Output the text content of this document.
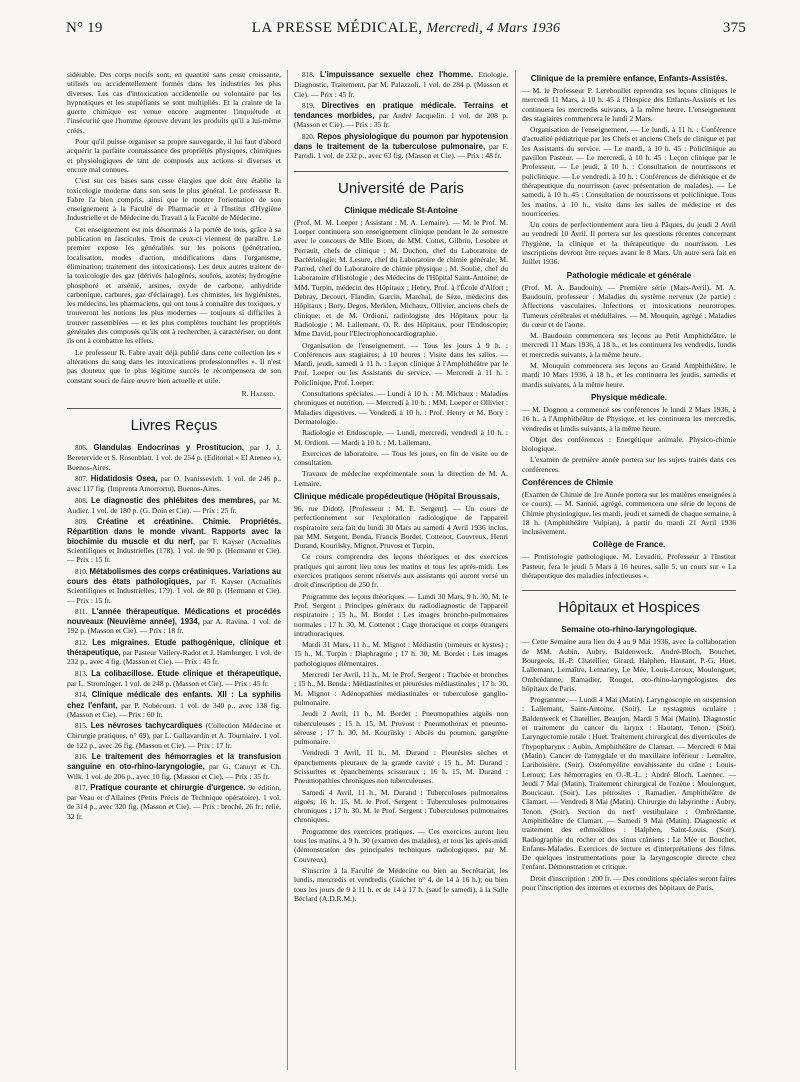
N° 19	LA PRESSE MÉDICALE, Mercredi, 4 Mars 1936	375

sidérable. Des corps nocifs sont, en quantité sans cesse croissante, utilisés ou accidentellement formés dans les industries les plus diverses. Les cas d'intoxication accidentelle ou volontaire par les hypnotiques et les stupéfiants se sont multipliés. Et la crainte de la guerre chimique est venue encore augmenter l'inquiétude et l'insécurité que l'homme éprouve devant les produits qu'il a lui-même créés.

Pour qu'il puisse organiser sa propre sauvegarde, il lui faut d'abord acquérir la parfaite connaissance des propriétés physiques, chimiques et physiologiques de tant de composés aux actions si diverses et encore mal connues.

C'est sur ces bases sans cesse élargies que doit être établie la toxicologie moderne dans son sens le plus général. Le professeur R. Fabre l'a bien compris, ainsi que le montre l'orientation de son enseignement à la Faculté de Pharmacie et à l'Institut d'Hygiène Industrielle et de Médecine du Travail à la Faculté de Médecine.

Cet enseignement est mis désormais à la portée de tous, grâce à sa publication en fascicules. Trois de ceux-ci viennent de paraître. Le premier expose les généralités sur les poisons (pénétration, localisation, modes d'action, modifications dans l'organisme, élimination; traitement des intoxications). Les deux autres traitent de la toxicologie des gaz (dérivés halogénés, soufrés, azotés; hydrogène phosphoré et arsénié, arsines, oxyde de carbone, anhydride carbonique, carbures, gaz d'éclairage). Les chimistes, les hygiénistes, les médecins, les pharmaciens, qui ont tous à connaître des toxiques, y trouveront les notions les plus modernes — toujours si difficiles à trouver rassemblées — et les plus complètes touchant les propriétés générales des composés qu'ils ont à rechercher, à caractériser, ou dont ils ont à combattre les effets.

Le professeur R. Fabre avait déjà publié dans cette collection les « altérations du sang dans les intoxications professionnelles ». Il n'est pas douteux que le plus légitime succès le récompensera de son constant souci de faire œuvre bien actuelle et utile.

R. Hazard.

Livres Reçus

806. Glandulas Endocrinas y Prostitucion, par J. J. Beretervide et S. Rosenblatt. 1 vol. de 254 p. (Editorial « El Ateneo »), Buenos-Aires.

807. Hidatidosis Osea, par O. Ivanissevich. 1 vol. de 246 p., avec 117 fig. (Imprenta Amorrortu), Buenos-Aires.

808. Le diagnostic des phlébites des membres, par M. Audier. 1 vol. de 180 p. (G. Doin et Cie). — Prix : 25 fr.

809. Créatine et créatinine. Chimie. Propriétés. Répartition dans le monde vivant. Rapports avec la biochimie du muscle et du nerf, par F. Kayser (Actualités Scientifiques et Industrielles (178). 1 vol. de 90 p. (Hermann et Cie). — Prix : 15 fr.

810. Métabolismes des corps créatiniques. Variations au cours des états pathologiques, par F. Kayser (Actualités Scientifiques et Industrielles, 179). 1 vol. de 80 p. (Hermann et Cie). — Prix : 15 fr.

811. L'année thérapeutique. Médications et procédés nouveaux (Neuvième année), 1934, par A. Ravina. 1 vol. de 192 p. (Masson et Cie). — Prix : 18 fr.

812. Les migraines. Etude pathogénique, clinique et thérapeutique, par Pasteur Vallery-Radot et J. Hamburger. 1 vol. de 232 p., avec 4 fig. (Masson et Cie). — Prix : 45 fr.

813. La colibacillose. Etude clinique et thérapeutique, par L. Strominger. 1 vol. de 248 p. (Masson et Cie). — Prix : 45 fr.

814. Clinique médicale des enfants. XII : La syphilis chez l'enfant, par P. Nobécourt. 1 vol. de 340 p., avec 138 fig. (Masson et Cie). — Prix : 60 fr.

815. Les névroses tachycardiques (Collection Médecine et Chirurgie pratiques, n° 69), par L. Gallavardin et A. Tourniaire. 1 vol. de 122 p., avec 26 fig. (Masson et Cie). — Prix : 17 fr.

816. Le traitement des hémorragies et la transfusion sanguine en oto-rhino-laryngologie, par G. Canuyt et Ch. Wilk. 1 vol. de 206 p., avec 10 fig. (Masson et Cie). — Prix : 35 fr.

817. Pratique courante et chirurgie d'urgence. 9e édition, par Veau et d'Allaines (Petits Précis de Technique opératoire). 1 vol. de 314 p., avec 320 fig. (Masson et Cie). — Prix : broché, 26 fr.; relié, 32 fr.

818. L'impuissance sexuelle chez l'homme. Etiologie, Diagnostic, Traitement, par M. Palazzoli. 1 vol. de 284 p. (Masson et Cie). — Prix : 45 fr.

819. Directives en pratique médicale. Terrains et tendances morbides, par André Jacquelin. 1 vol. de 208 p. (Masson et Cie). — Prix : 35 fr.

820. Repos physiologique du poumon par hypotension dans le traitement de la tuberculose pulmonaire, par F. Parodi. 1 vol. de 232 p., avec 63 fig. (Masson et Cie). — Prix : 48 fr.

Université de Paris
Clinique médicale St-Antoine

(Prof. M. M. Loeper ; Assistant : M. A. Lemaire). — M. le Prof. M. Loeper continuera son enseignement clinique pendant le 2e semestre avec le concours de Mlle Biom, de MM. Cottet, Gilbrin, Lesobre et Perrault, chefs de clinique ; M. Duchon, chef du Laboratoire de Bactériologie; M. Lesure, chef du Laboratoire de chimie générale; M. Parrod, chef du Laboratoire de chimie physique ; M. Soulié, chef du Laboratoire d'Histologie ; des Médecins de l'Hôpital Saint-Antoine; de MM. Turpin, médecin des Hôpitaux ; Henry, Prof. à l'École d'Alfort ; Debray, Decourt, Flandin, Garcin, Marchal, de Sèze, médecins des Hôpitaux ; Bory, Degos, Merklen, Michaux, Ollivier, anciens chefs de clinique; et de M. Ordioni, radiologiste des Hôpitaux pour la Radiologie ; M. Lallemant, O. R. des Hôpitaux, pour l'Endoscopie; Mme David, pour l'Electrophonocardiographie.

Organisation de l'enseignement. — Tous les jours à 9 h. : Conférences aux stagiaires; à 10 heures : Visite dans les salles. — Mardi, jeudi, samedi à 11 h. : Leçon clinique à l'Amphithéâtre par le Prof. Loeper ou les Assistants du service. — Mercredi à 11 h. : Policlinique, Prof. Loeper.

Consultations spéciales. — Lundi à 10 h. : M. Michaux : Maladies chroniques et nutrition. — Mercredi à 10 h. : MM. Loeper et Ollivier : Maladies digestives. — Vendredi à 10 h. : Prof. Henry et M. Bory : Dermatologie.

Radiologie et Endoscopie. — Lundi, mercredi, vendredi à 10 h. : M. Ordioni. — Mardi à 10 h. : M. Lallemant.

Exercices de laboratoire. — Tous les jours, en fin de visite ou de consultation.

Travaux de médecine expérimentale sous la direction de M. A. Lemaire.

Clinique médicale propédeutique (Hôpital Broussais,

96, rue Didot). [Professeur : M. E. Sergent]. — Un cours de perfectionnement sur l'exploration radiologique de l'appareil respiratoire sera fait du lundi 30 Mars au samedi 4 Avril 1936 inclus, par MM. Sergent, Benda, Francis Bordet, Cottenot, Couvreux, Henri Durand, Kourilsky, Mignot, Pruvost et Turpin.

Ce cours comprendra des leçons théoriques et des exercices pratiques qui auront lieu tous les matins et tous les après-midi. Les exercices pratiques seront réservés aux assistants qui auront versé un droit d'inscription de 250 fr.

Programme des leçons théoriques. — Lundi 30 Mars, 9 h. 30, M. le Prof. Sergent : Principes généraux du radiodiagnostic de l'appareil respiratoire ; 15 h., M. Bordet : Les images broncho-pulmonaires normales ; 17 h. 30, M. Cottenot : Cage thoracique et corps étrangers intrathoraciques.

Mardi 31 Mars, 11 h., M. Mignot : Médiastin (tumeurs et kystes) ; 15 h., M. Turpin : Diaphragme ; 17 h. 30, M. Bordet : Les images pathologiques élémentaires.

Mercredi 1er Avril, 11 h., M. le Prof. Sergent : Trachée et bronches ; 15 h., M. Benda : Médiastinites et pleurésies médiastinales ; 17 h. 30, M. Mignot : Adénopathies médiastinales et tuberculose ganglio-pulmonaire.

Jeudi 2 Avril, 11 h., M. Bordet : Pneumopathies aiguës non tuberculeuses ; 15 h. 15, M. Pruvost : Pneumothorax et pneumo-séreuse ; 17 h. 30, M. Kourilsky : Abcès du poumon, gangrène pulmonaire.

Vendredi 3 Avril, 11 h., M. Durand : Pleurésies sèches et épanchements pleuraux de la grande cavité ; 15 h., M. Durand : Scissurites et épanchements scissuraux ; 16 h. 15, M. Durand : Pneumopathies chroniques non tuberculeuses.

Samedi 4 Avril, 11 h., M. Durand : Tuberculoses pulmonaires aiguës; 16 h. 15, M. le Prof. Sergent : Tuberculoses pulmonaires chroniques ; 17 h. 30, M. le Prof. Sergent : Tuberculoses pulmonaires chroniques.

Programme des exercices pratiques. — Ces exercices auront lieu tous les matins, à 9 h. 30 (examen des malades), et tous les après-midi (démonstration des principales techniques radiologiques, par M. Couvreux).

S'inscrire à la Faculté de Médecine ou bien au Secrétariat, les lundis, mercredis et vendredis (Guichet n° 4, de 14 à 16 h.); ou bien tous les jours de 9 à 11 h. et de 14 à 17 h. (sauf le samedi), à la Salle Béclard (A.D.R.M.).

Clinique de la première enfance, Enfants-Assistés.

— M. le Professeur P. Lereboullet reprendra ses leçons cliniques le mercredi 11 Mars, à 10 h. 45 à l'Hospice des Enfants-Assistés et les continuera les mercredis suivants, à la même heure. L'enseignement des stagiaires commencera le lundi 2 Mars.

Organisation de l'enseignement. — Le lundi, à 11 h. : Conférence d'actualité pédiatrique par les Chefs et anciens Chefs de clinique et par les Assistants du service. — Le mardi, à 10 h. 45 : Policlinique au pavillon Pasteur. — Le mercredi, à 10 h. 45 : Leçon clinique par le Professeur. — Le jeudi, à 10 h. : Consultation de nourrissons et policlinique. — Le vendredi, à 10 h. : Conférences de diététique et de thérapeutique du nourrisson (avec présentation de malades). — Le samedi, à 10 h. 45 : Consultation de nourrissons et policlinique. Tous les matins, à 10 h., visite dans les salles de médecine et des nourriceries.

Un cours de perfectionnement aura lieu à Pâques, du jeudi 2 Avril au vendredi 10 Avril. Il portera sur les questions récentes concernant l'hygiène, la clinique et la thérapeutique du nourrisson. Les inscriptions devront être reçues avant le 8 Mars. Un autre sera fait en Juillet 1936.

Pathologie médicale et générale

(Prof. M. A. Baudouin). — Première série (Mars-Avril). M. A. Baudouin, professeur : Maladies du système nerveux (2e partie) : Affections vasculaires. Infections et intoxications neurotropes. Tumeurs cérébrales et médullaires. — M. Mouquin, agrégé : Maladies du cœur et de l'aorte.

M. Baudouin commencera ses leçons au Petit Amphithéâtre, le mercredi 11 Mars 1936, à 18 h., et les continuera les vendredis, lundis et mercredis suivants, à la même heure.

M. Mouquin commencera ses leçons au Grand Amphithéâtre, le mardi 10 Mars 1936, à 18 h., et les continuera les jeudis, samedis et mardis suivants, à la même heure.

Physique médicale.

— M. Dognon a commencé ses conférences le lundi 2 Mars 1936, à 16 h., à l'Amphithéâtre de Physique, et les continuera les mercredis, vendredis et lundis suivants, à la même heure.

Objet des conférences : Energétique animale. Physico-chimie biologique.

L'examen de première année portera sur les sujets traités dans ces conférences.

Conférences de Chimie

(Examen de Chimie de 1re Année portera sur les matières enseignées à ce cours). — M. Sannié, agrégé, commencera une série de leçons de Chimie physiologique, les mardi, jeudi et samedi de chaque semaine, à 18 h. (Amphithéâtre Vulpian), à partir du mardi 21 Avril 1936 inclusivement.

Collège de France.

— Protistologie pathologique. M. Levaditi, Professeur à l'Institut Pasteur, fera le jeudi 5 Mars à 16 heures, salle 5, un cours sur « La thérapeutique des maladies infectieuses ».

Hôpitaux et Hospices
Semaine oto-rhino-laryngologique.

— Cette Semaine aura lieu du 4 au 9 Mai 1936, avec la collaboration de MM. Aubin, Aubry, Baldenweck, André-Bloch, Bouchet, Bourgeois, H.-P. Chatellier, Girard, Halphen, Hautant, P.-G. Huet, Lallemant, Lemaître, Lemariey, Le Mée, Louis-Leroux, Moulonguet, Ombrédanne, Ramadier, Rouget, oto-rhino-laryngologistes des hôpitaux de Paris.

Programme. — Lundi 4 Mai (Matin). Laryngoscopie en suspension : Lallemant, Saint-Antoine. (Soir). Le nystagmus oculaire : Baldenweck et Chatellier, Beaujon. Mardi 5 Mai (Matin). Diagnostic et traitement du cancer du larynx : Hautant, Tenon. (Soir). Laryngectomie totale : Huet. Traitement chirurgical des diverticules de l'hypopharynx : Aubin, Amphithéâtre de Clamart. — Mercredi 6 Mai (Matin). Cancer de l'amygdale et du maxillaire inférieur : Lemaître, Lariboisière. (Soir). Ostéomyélite envahissante du crâne : Louis-Leroux; Les hémorragies en O.-R.-L. : André Bloch, Laennec. — Jeudi 7 Mai (Matin). Traitement chirurgical de l'ozène : Moulonguet, Boucicaut. (Soir). Les pétrosites : Ramadier, Amphithéâtre de Clamart. — Vendredi 8 Mai (Matin). Chirurgie du labyrinthe : Aubry, Tenon. (Soir). Section du nerf vestibulaire : Ombrédanne, Amphithéâtre de Clamart. — Samedi 9 Mai (Matin). Diagnostic et traitement des ethmoïdites : Halphen, Saint-Louis. (Soir). Radiographie du rocher et des sinus crâniens : Le Mée et Bouchet, Enfants-Malades. Exercices de lecture et d'interprétations des films. De quelques instrumentations pour la laryngoscopie directe chez l'enfant. Démonstration et critique.

Droit d'inscription : 200 fr. — Des conditions spéciales seront faites pour l'inscription des internes et externes des hôpitaux de Paris.
